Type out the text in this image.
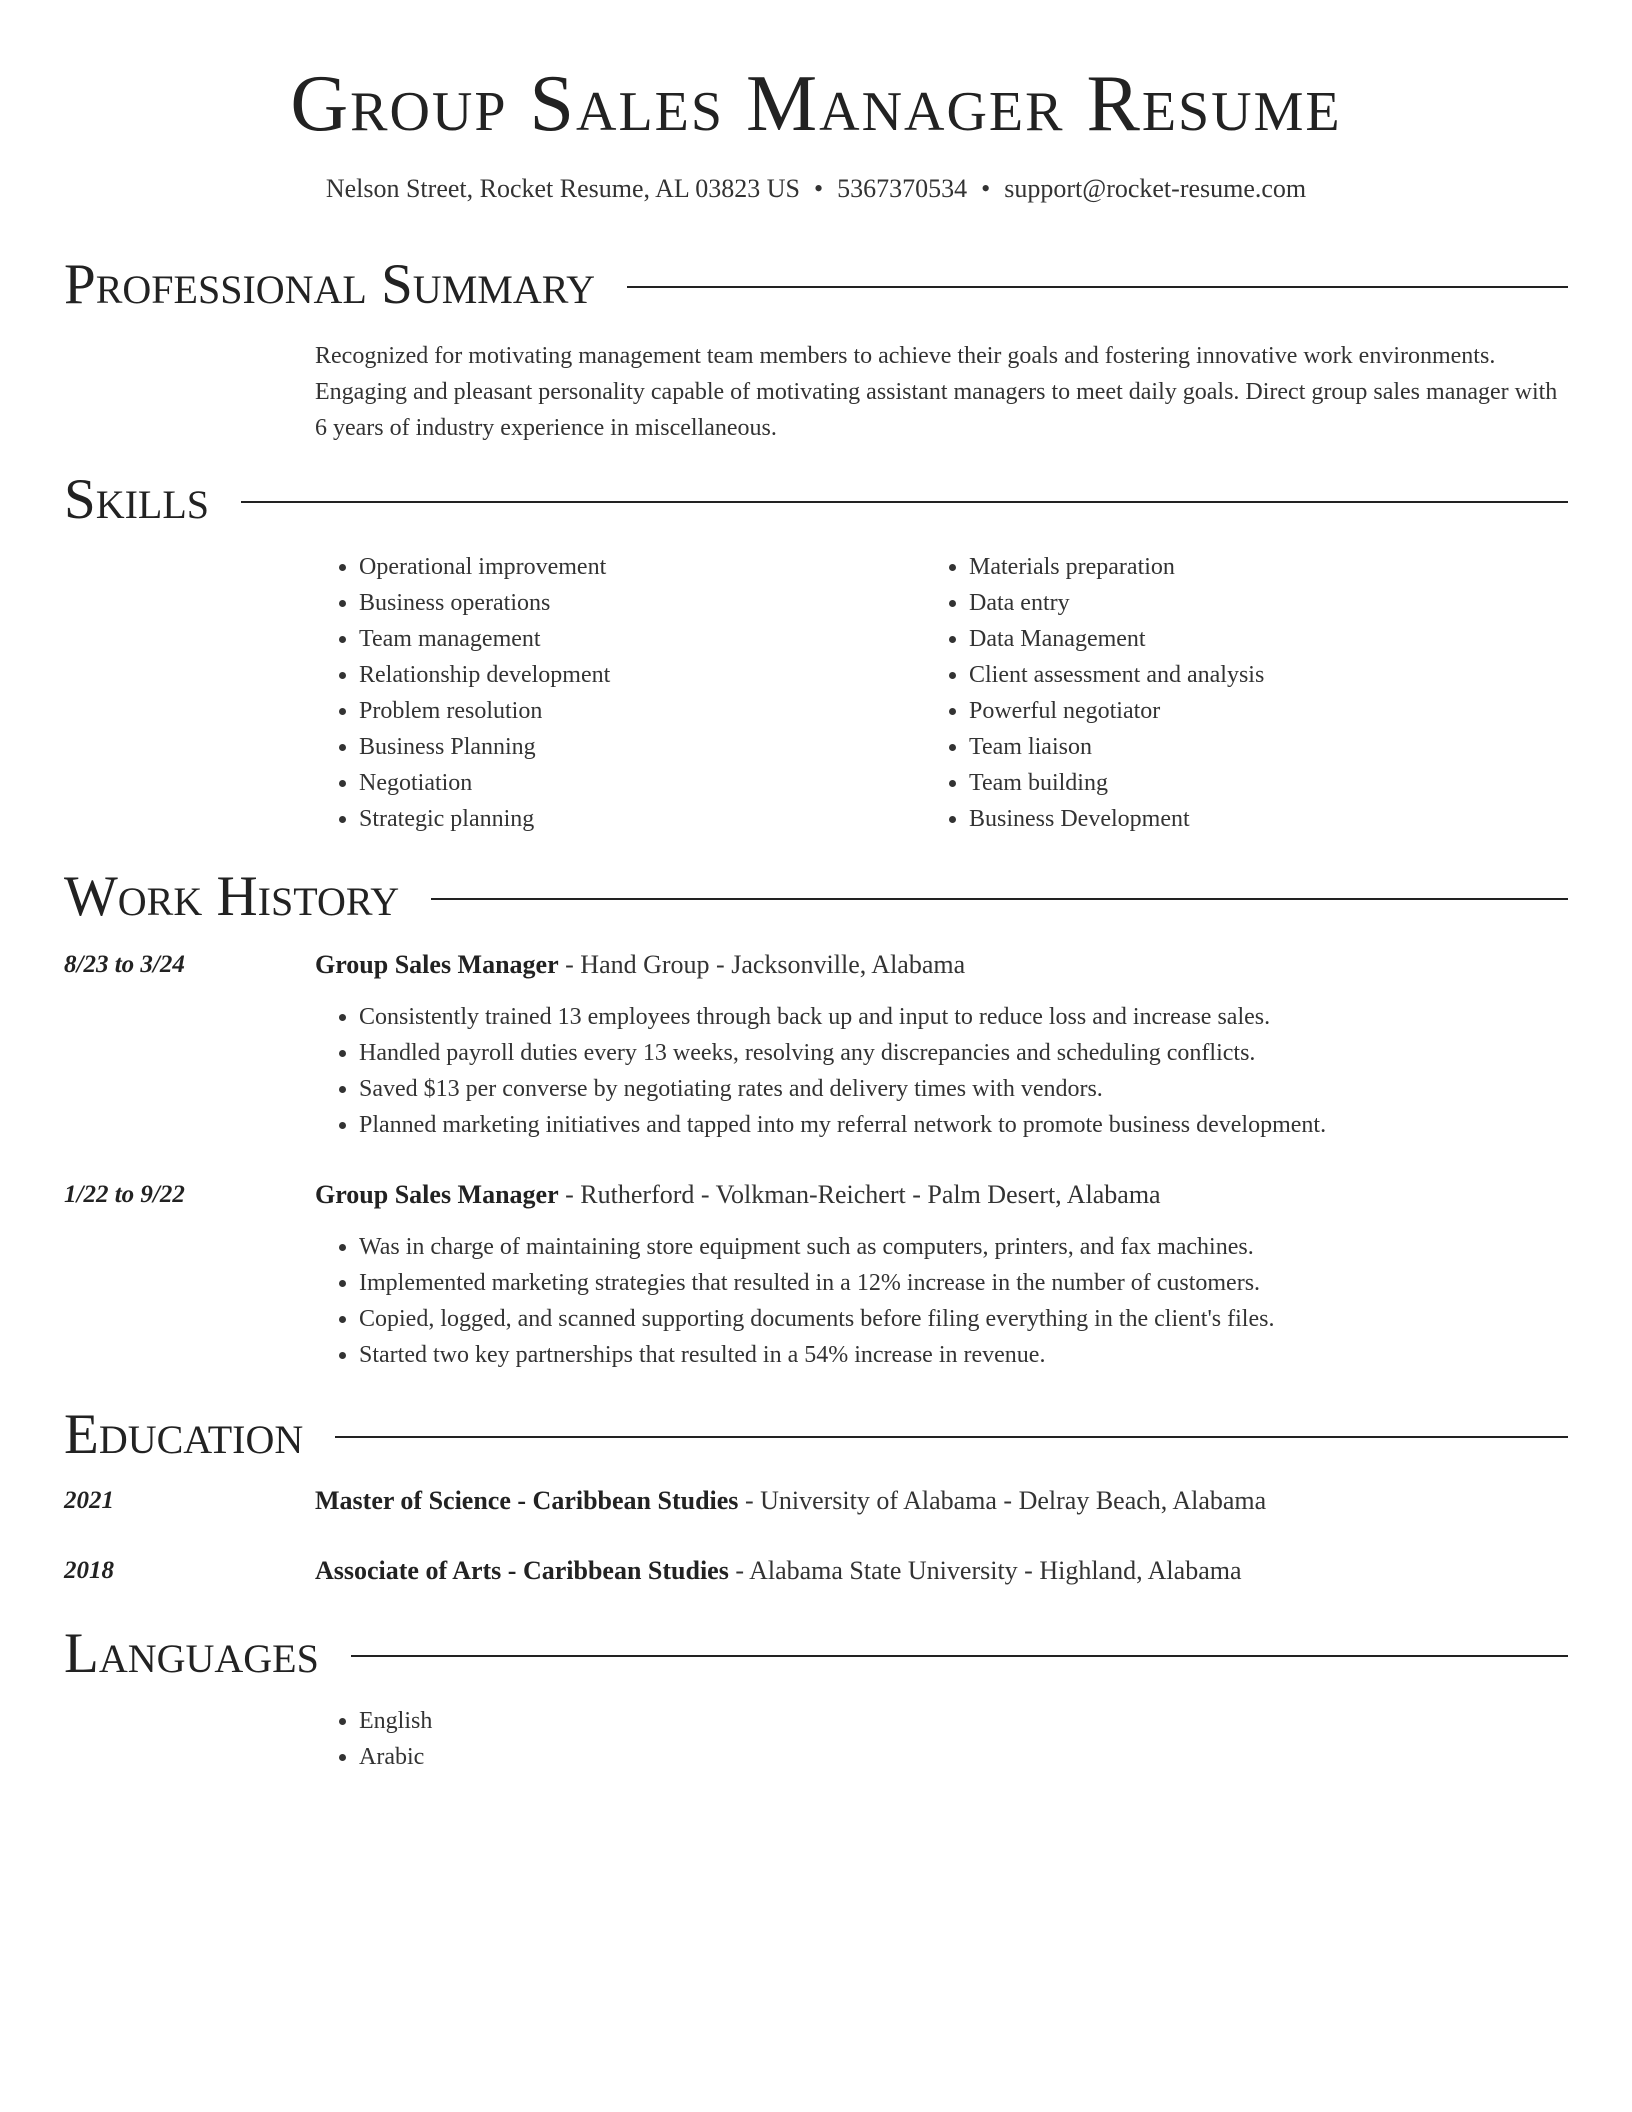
Group Sales Manager Resume
Nelson Street, Rocket Resume, AL 03823 US • 5367370534 • support@rocket-resume.com
Professional Summary

Recognized for motivating management team members to achieve their goals and fostering innovative work environments. Engaging and pleasant personality capable of motivating assistant managers to meet daily goals. Direct group sales manager with 6 years of industry experience in miscellaneous.

Skills
• Operational improvement
• Business operations
• Team management
• Relationship development
• Problem resolution
• Business Planning
• Negotiation
• Strategic planning
• Materials preparation
• Data entry
• Data Management
• Client assessment and analysis
• Powerful negotiator
• Team liaison
• Team building
• Business Development
Work History
8/23 to 3/24	Group Sales Manager - Hand Group - Jacksonville, Alabama
• Consistently trained 13 employees through back up and input to reduce loss and increase sales.
• Handled payroll duties every 13 weeks, resolving any discrepancies and scheduling conflicts.
• Saved $13 per converse by negotiating rates and delivery times with vendors.
• Planned marketing initiatives and tapped into my referral network to promote business development.
1/22 to 9/22	Group Sales Manager - Rutherford - Volkman-Reichert - Palm Desert, Alabama
• Was in charge of maintaining store equipment such as computers, printers, and fax machines.
• Implemented marketing strategies that resulted in a 12% increase in the number of customers.
• Copied, logged, and scanned supporting documents before filing everything in the client's files.
• Started two key partnerships that resulted in a 54% increase in revenue.
Education
2021	Master of Science - Caribbean Studies - University of Alabama - Delray Beach, Alabama
2018	Associate of Arts - Caribbean Studies - Alabama State University - Highland, Alabama
Languages
• English
• Arabic
